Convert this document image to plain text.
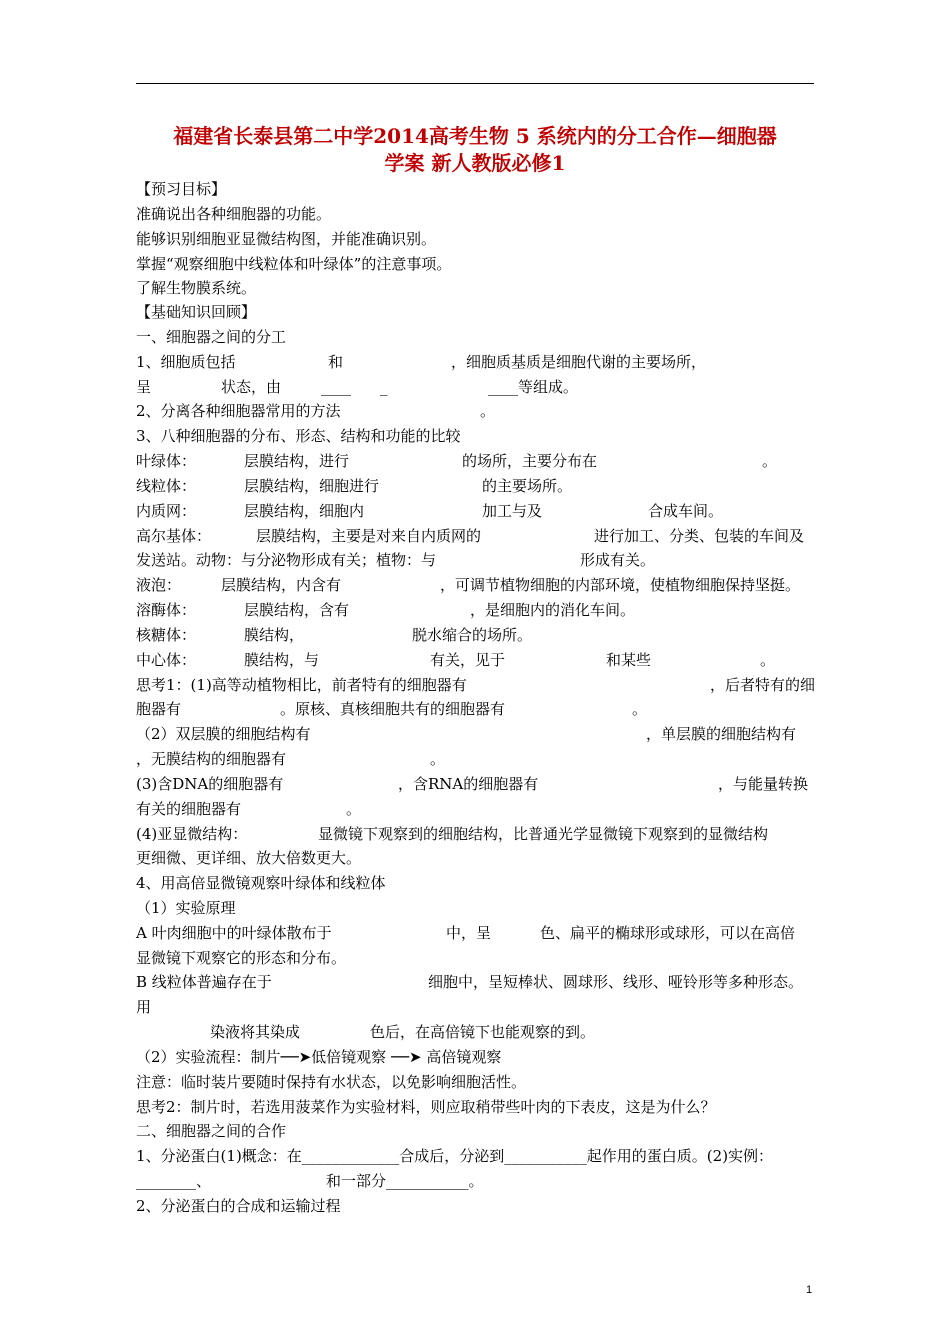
福建省长泰县第二中学2014高考生物 5 系统内的分工合作—细胞器
学案 新人教版必修1
【预习目标】
准确说出各种细胞器的功能。
能够识别细胞亚显微结构图，并能准确识别。
掌握“观察细胞中线粒体和叶绿体”的注意事项。
了解生物膜系统。
【基础知识回顾】
一、细胞器之间的分工
1、细胞质包括	和	，细胞质基质是细胞代谢的主要场所，
呈	状态，由	____ _	____等组成。
2、分离各种细胞器常用的方法	。
3、八种细胞器的分布、形态、结构和功能的比较
叶绿体：	层膜结构，进行	的场所，主要分布在	。
线粒体：	层膜结构，细胞进行	的主要场所。
内质网：	层膜结构，细胞内	加工与及	合成车间。
高尔基体：	层膜结构，主要是对来自内质网的	进行加工、分类、包装的车间及
发送站。动物：与分泌物形成有关；植物：与	形成有关。
液泡：	层膜结构，内含有	，可调节植物细胞的内部环境，使植物细胞保持坚挺。
溶酶体：	层膜结构，含有	，是细胞内的消化车间。
核糖体：	膜结构，	脱水缩合的场所。
中心体：	膜结构，与	有关，见于	和某些	。
思考1：(1)高等动植物相比，前者特有的细胞器有	，后者特有的细
胞器有	。原核、真核细胞共有的细胞器有	。
（2）双层膜的细胞结构有	，单层膜的细胞结构有
，无膜结构的细胞器有	。
(3)含DNA的细胞器有	，含RNA的细胞器有	，与能量转换
有关的细胞器有	。
(4)亚显微结构：	显微镜下观察到的细胞结构，比普通光学显微镜下观察到的显微结构
更细微、更详细、放大倍数更大。
4、用高倍显微镜观察叶绿体和线粒体
（1）实验原理
A 叶肉细胞中的叶绿体散布于	中，呈	色、扁平的椭球形或球形，可以在高倍
显微镜下观察它的形态和分布。
B 线粒体普遍存在于	细胞中，呈短棒状、圆球形、线形、哑铃形等多种形态。
用
染液将其染成	色后，在高倍镜下也能观察的到。
（2）实验流程：制片──➤低倍镜观察 ──➤ 高倍镜观察
注意：临时装片要随时保持有水状态，以免影响细胞活性。
思考2：制片时，若选用菠菜作为实验材料，则应取稍带些叶肉的下表皮，这是为什么？
二、细胞器之间的合作
1、分泌蛋白(1)概念：在_____________合成后，分泌到___________起作用的蛋白质。(2)实例：
________、	和一部分___________。
2、分泌蛋白的合成和运输过程
1
